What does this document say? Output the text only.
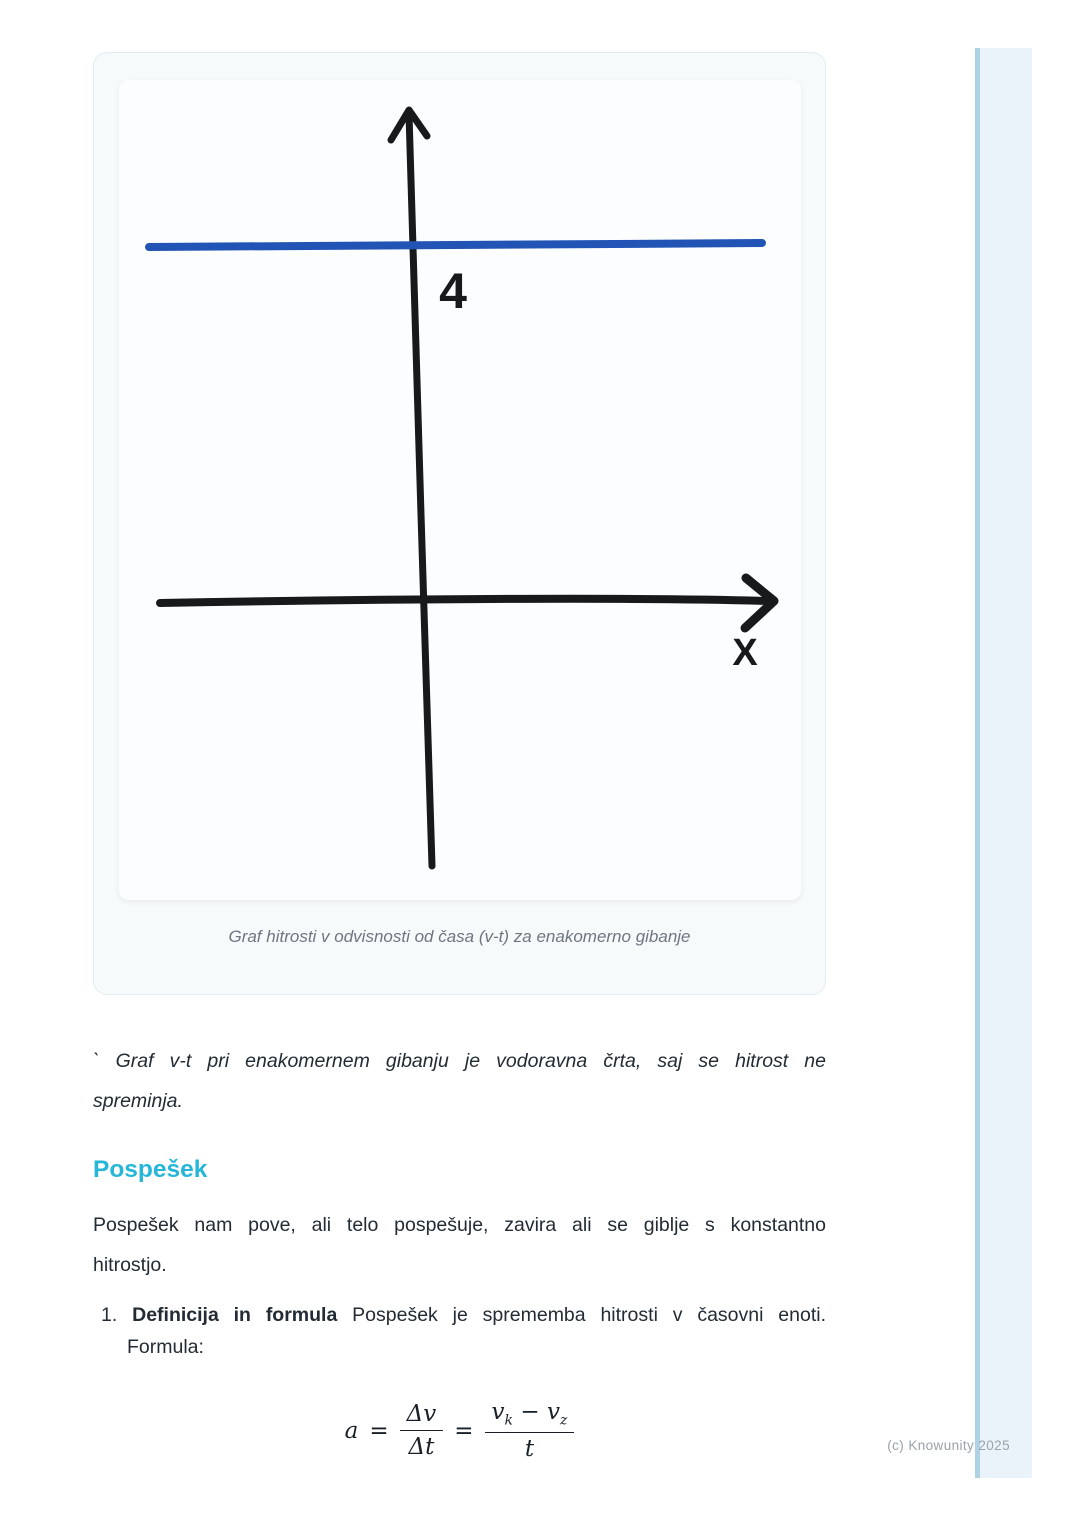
4
X
Graf hitrosti v odvisnosti od časa (v-t) za enakomerno gibanje
` Graf v-t pri enakomernem gibanju je vodoravna črta, saj se hitrost ne
spreminja.
Pospešek
Pospešek nam pove, ali telo pospešuje, zavira ali se giblje s konstantno
hitrostjo.
1. Definicija in formula Pospešek je sprememba hitrosti v časovni enoti.
Formula:
$a = \frac{\Delta v}{\Delta t} = \frac{v_k - v_z}{t}$	(c) Knowunity 2025
